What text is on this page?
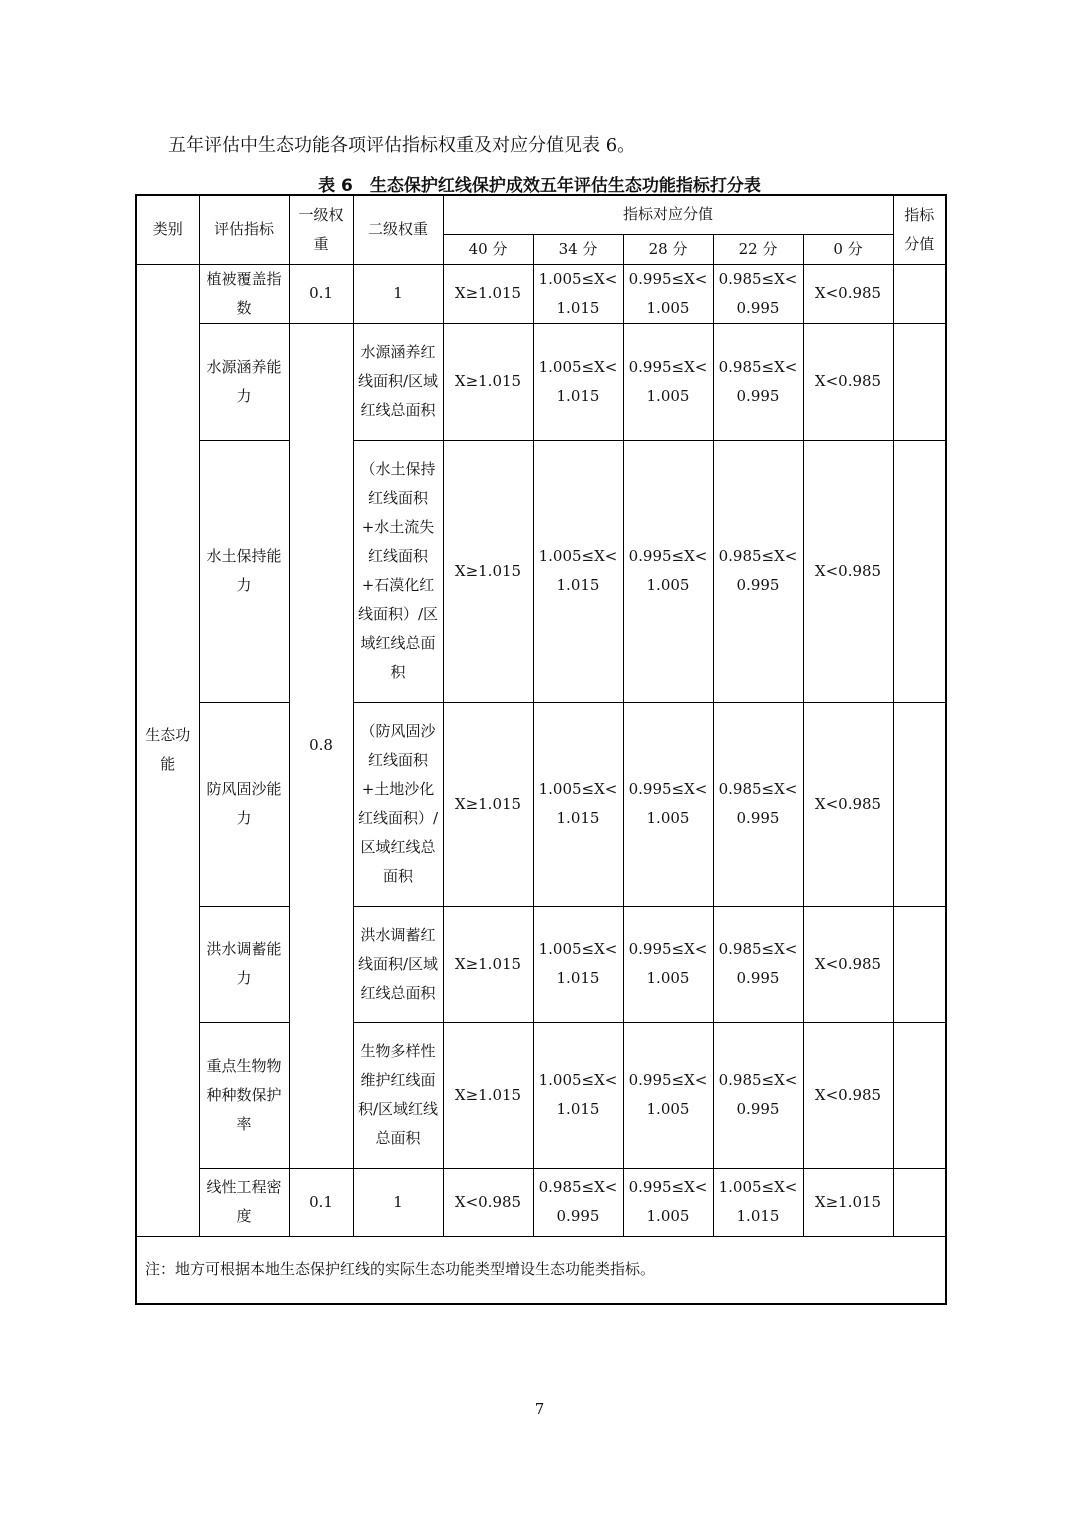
五年评估中生态功能各项评估指标权重及对应分值见表 6。
表 6　生态保护红线保护成效五年评估生态功能指标打分表
类别	评估指标	一级权重	二级权重	指标对应分值					指标分值
				40 分	34 分	28 分	22 分	0 分	
生态功能	植被覆盖指数	0.1	1	X≥1.015	1.005≤X<1.015	0.995≤X<1.005	0.985≤X<0.995	X<0.985	
	水源涵养能力	0.8	水源涵养红线面积/区域红线总面积	X≥1.015	1.005≤X<1.015	0.995≤X<1.005	0.985≤X<0.995	X<0.985	
	水土保持能力		（水土保持红线面积+水土流失红线面积+石漠化红线面积）/区域红线总面积	X≥1.015	1.005≤X<1.015	0.995≤X<1.005	0.985≤X<0.995	X<0.985	
	防风固沙能力		（防风固沙红线面积+土地沙化红线面积）/区域红线总面积	X≥1.015	1.005≤X<1.015	0.995≤X<1.005	0.985≤X<0.995	X<0.985	
	洪水调蓄能力		洪水调蓄红线面积/区域红线总面积	X≥1.015	1.005≤X<1.015	0.995≤X<1.005	0.985≤X<0.995	X<0.985	
	重点生物物种种数保护率		生物多样性维护红线面积/区域红线总面积	X≥1.015	1.005≤X<1.015	0.995≤X<1.005	0.985≤X<0.995	X<0.985	
	线性工程密度	0.1	1	X<0.985	0.985≤X<0.995	0.995≤X<1.005	1.005≤X<1.015	X≥1.015	
注：地方可根据本地生态保护红线的实际生态功能类型增设生态功能类指标。									
7
